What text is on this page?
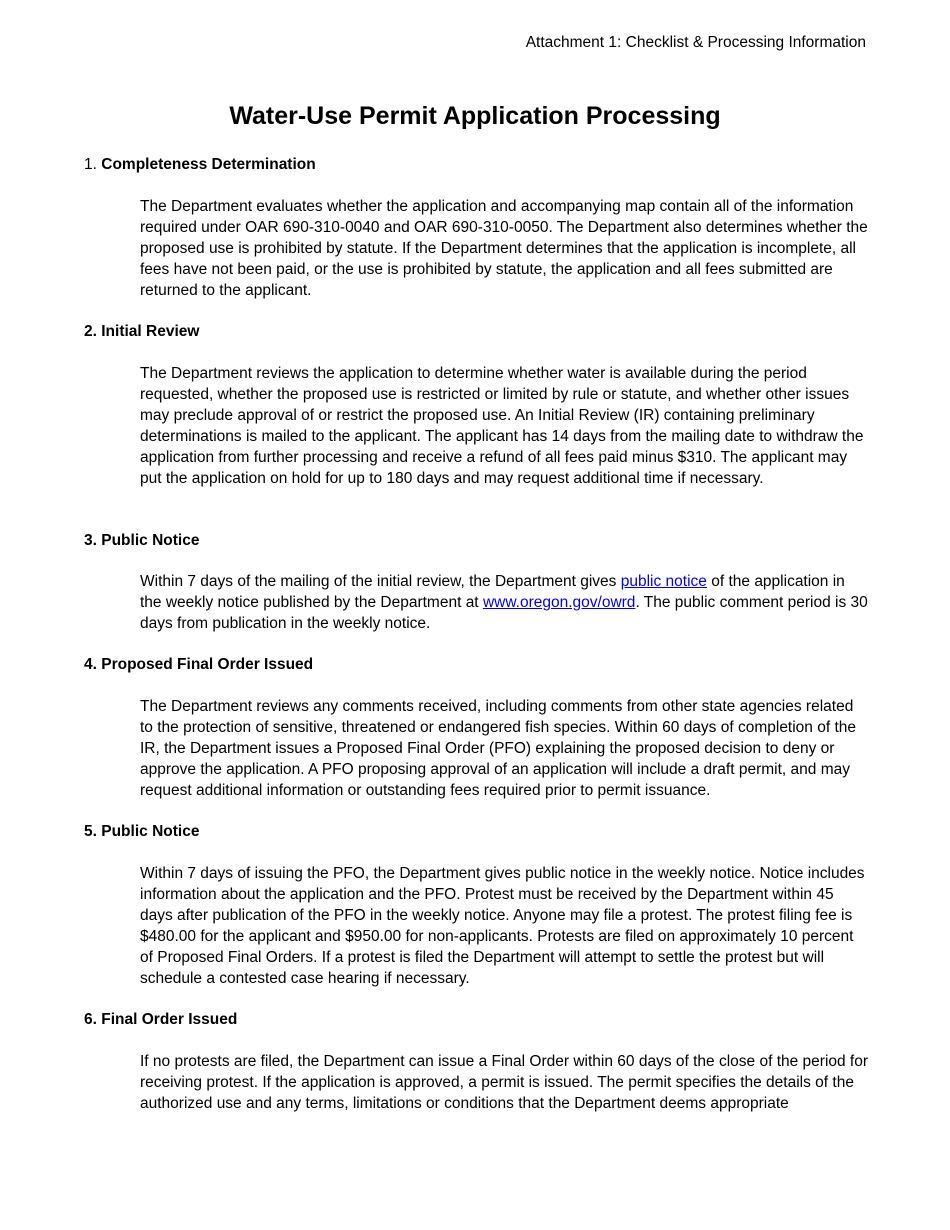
Attachment 1: Checklist & Processing Information
Water-Use Permit Application Processing
1. Completeness Determination
The Department evaluates whether the application and accompanying map contain all of the information required under OAR 690-310-0040 and OAR 690-310-0050. The Department also determines whether the proposed use is prohibited by statute. If the Department determines that the application is incomplete, all fees have not been paid, or the use is prohibited by statute, the application and all fees submitted are returned to the applicant.
2. Initial Review
The Department reviews the application to determine whether water is available during the period requested, whether the proposed use is restricted or limited by rule or statute, and whether other issues may preclude approval of or restrict the proposed use. An Initial Review (IR) containing preliminary determinations is mailed to the applicant. The applicant has 14 days from the mailing date to withdraw the application from further processing and receive a refund of all fees paid minus $310. The applicant may put the application on hold for up to 180 days and may request additional time if necessary.
3. Public Notice
Within 7 days of the mailing of the initial review, the Department gives public notice of the application in the weekly notice published by the Department at www.oregon.gov/owrd. The public comment period is 30 days from publication in the weekly notice.
4. Proposed Final Order Issued
The Department reviews any comments received, including comments from other state agencies related to the protection of sensitive, threatened or endangered fish species. Within 60 days of completion of the IR, the Department issues a Proposed Final Order (PFO) explaining the proposed decision to deny or approve the application. A PFO proposing approval of an application will include a draft permit, and may request additional information or outstanding fees required prior to permit issuance.
5. Public Notice
Within 7 days of issuing the PFO, the Department gives public notice in the weekly notice. Notice includes information about the application and the PFO. Protest must be received by the Department within 45 days after publication of the PFO in the weekly notice. Anyone may file a protest. The protest filing fee is $480.00 for the applicant and $950.00 for non-applicants. Protests are filed on approximately 10 percent of Proposed Final Orders. If a protest is filed the Department will attempt to settle the protest but will schedule a contested case hearing if necessary.
6. Final Order Issued
If no protests are filed, the Department can issue a Final Order within 60 days of the close of the period for receiving protest. If the application is approved, a permit is issued. The permit specifies the details of the authorized use and any terms, limitations or conditions that the Department deems appropriate
